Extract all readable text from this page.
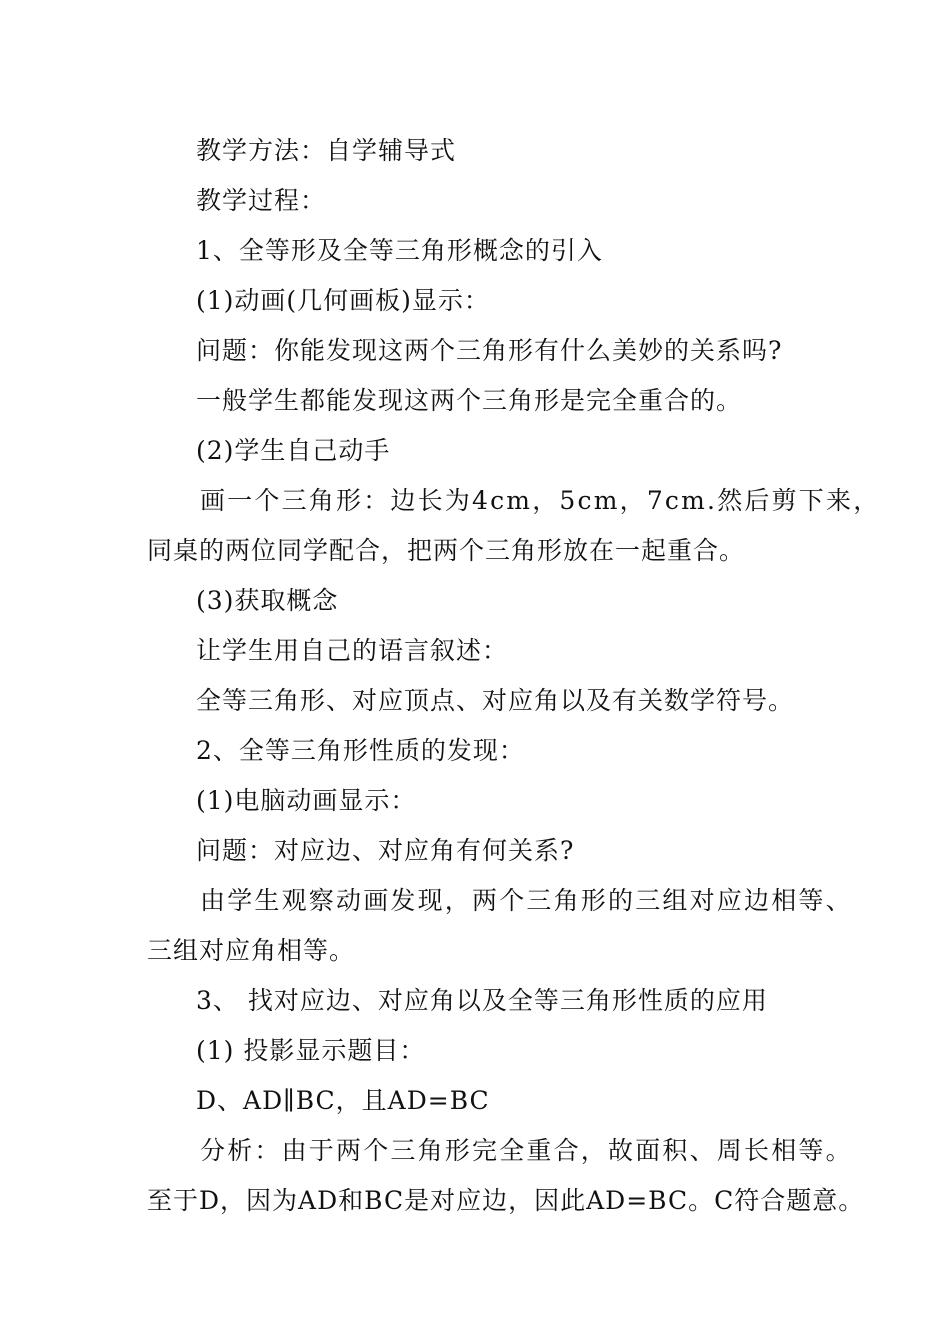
教学方法：自学辅导式
教学过程：
1、全等形及全等三角形概念的引入
(1)动画(几何画板)显示：
问题：你能发现这两个三角形有什么美妙的关系吗?
一般学生都能发现这两个三角形是完全重合的。
(2)学生自己动手
画一个三角形：边长为4cm，5cm，7cm.然后剪下来，
同桌的两位同学配合，把两个三角形放在一起重合。
(3)获取概念
让学生用自己的语言叙述：
全等三角形、对应顶点、对应角以及有关数学符号。
2、全等三角形性质的发现：
(1)电脑动画显示：
问题：对应边、对应角有何关系?
由学生观察动画发现，两个三角形的三组对应边相等、
三组对应角相等。
3、 找对应边、对应角以及全等三角形性质的应用
(1) 投影显示题目：
D、AD∥BC，且AD=BC
分析：由于两个三角形完全重合，故面积、周长相等。
至于D，因为AD和BC是对应边，因此AD=BC。C符合题意。
